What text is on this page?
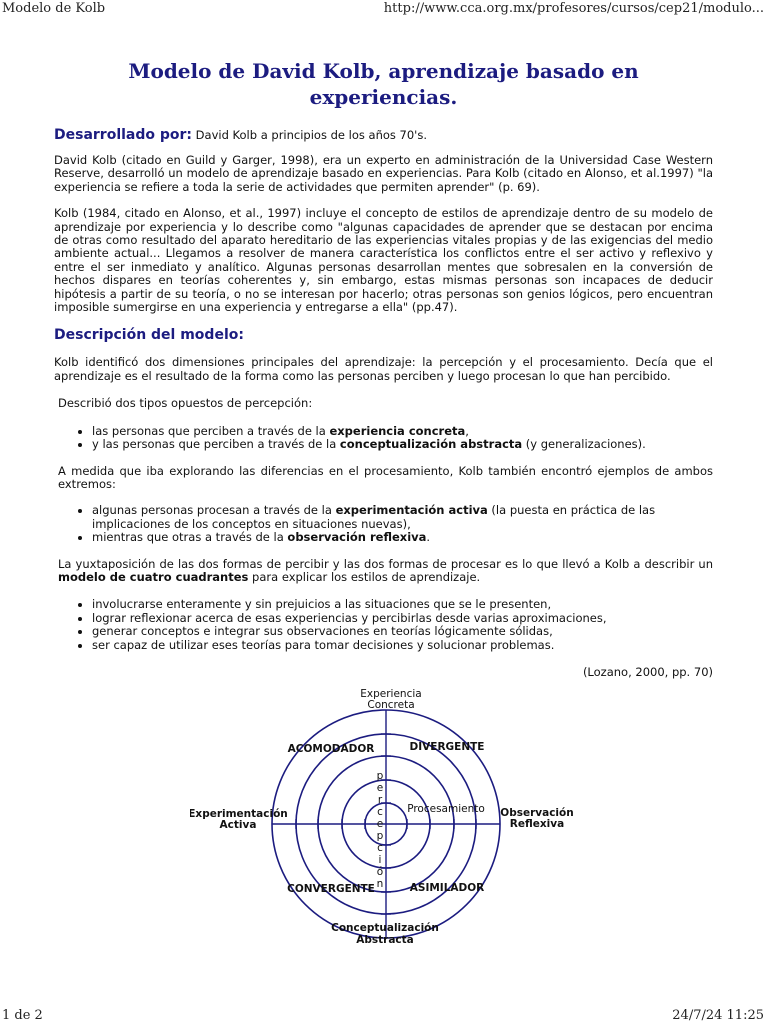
Modelo de Kolb	http://www.cca.org.mx/profesores/cursos/cep21/modulo...
Modelo de David Kolb, aprendizaje basado en experiencias.
Desarrollado por: David Kolb a principios de los años 70's.

David Kolb (citado en Guild y Garger, 1998), era un experto en administración de la Universidad Case Western Reserve, desarrolló un modelo de aprendizaje basado en experiencias. Para Kolb (citado en Alonso, et al.1997) "la experiencia se refiere a toda la serie de actividades que permiten aprender" (p. 69).

Kolb (1984, citado en Alonso, et al., 1997) incluye el concepto de estilos de aprendizaje dentro de su modelo de aprendizaje por experiencia y lo describe como "algunas capacidades de aprender que se destacan por encima de otras como resultado del aparato hereditario de las experiencias vitales propias y de las exigencias del medio ambiente actual... Llegamos a resolver de manera característica los conflictos entre el ser activo y reflexivo y entre el ser inmediato y analítico. Algunas personas desarrollan mentes que sobresalen en la conversión de hechos dispares en teorías coherentes y, sin embargo, estas mismas personas son incapaces de deducir hipótesis a partir de su teoría, o no se interesan por hacerlo; otras personas son genios lógicos, pero encuentran imposible sumergirse en una experiencia y entregarse a ella" (pp.47).

Descripción del modelo:

Kolb identificó dos dimensiones principales del aprendizaje: la percepción y el procesamiento. Decía que el aprendizaje es el resultado de la forma como las personas perciben y luego procesan lo que han percibido.

Describió dos tipos opuestos de percepción:

• las personas que perciben a través de la experiencia concreta,
• y las personas que perciben a través de la conceptualización abstracta (y generalizaciones).

A medida que iba explorando las diferencias en el procesamiento, Kolb también encontró ejemplos de ambos extremos:

• algunas personas procesan a través de la experimentación activa (la puesta en práctica de las implicaciones de los conceptos en situaciones nuevas),
• mientras que otras a través de la observación reflexiva.

La yuxtaposición de las dos formas de percibir y las dos formas de procesar es lo que llevó a Kolb a describir un modelo de cuatro cuadrantes para explicar los estilos de aprendizaje.

• involucrarse enteramente y sin prejuicios a las situaciones que se le presenten,
• lograr reflexionar acerca de esas experiencias y percibirlas desde varias aproximaciones,
• generar conceptos e integrar sus observaciones en teorías lógicamente sólidas,
• ser capaz de utilizar eses teorías para tomar decisiones y solucionar problemas.

(Lozano, 2000, pp. 70)

Experiencia
Concreta
Conceptualización
Abstracta
Experimentación
Activa
Observación
Reflexiva
ACOMODADOR	DIVERGENTE
CONVERGENTE	ASIMILADOR
Procesamiento
p
e
r
c
e
p
c
i
ó
n
1 de 2	24/7/24 11:25
